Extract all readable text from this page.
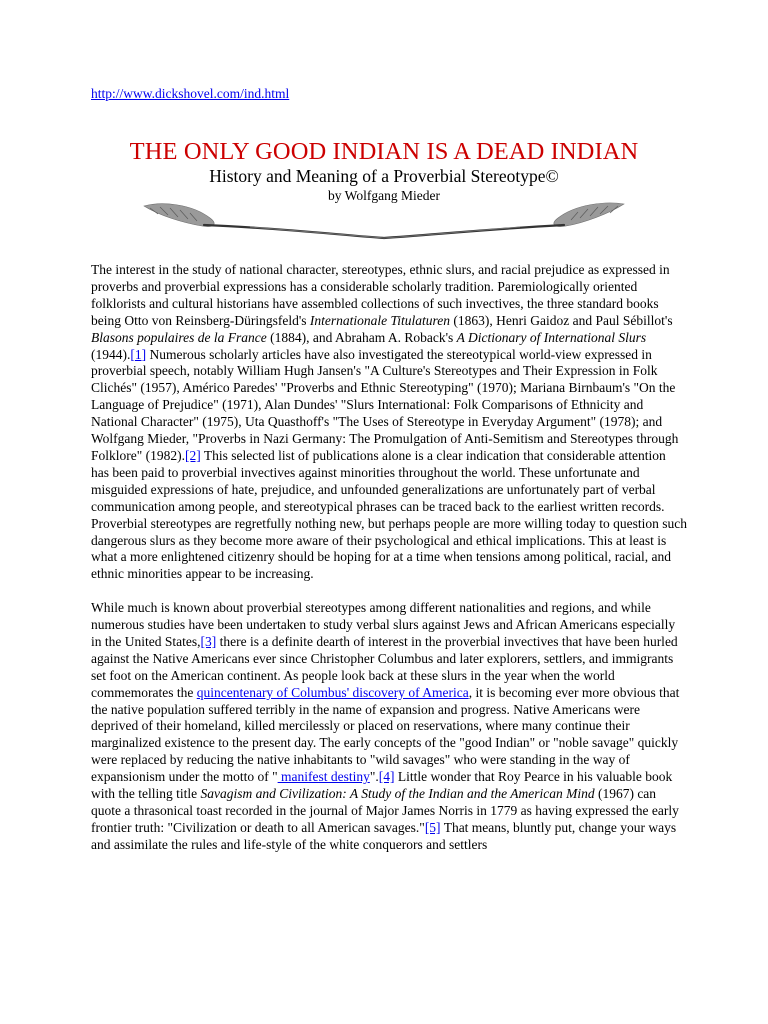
http://www.dickshovel.com/ind.html
THE ONLY GOOD INDIAN IS A DEAD INDIAN
History and Meaning of a Proverbial Stereotype©
by Wolfgang Mieder

The interest in the study of national character, stereotypes, ethnic slurs, and racial prejudice as expressed in proverbs and proverbial expressions has a considerable scholarly tradition. Paremiologically oriented folklorists and cultural historians have assembled collections of such invectives, the three standard books being Otto von Reinsberg-Düringsfeld's Internationale Titulaturen (1863), Henri Gaidoz and Paul Sébillot's Blasons populaires de la France (1884), and Abraham A. Roback's A Dictionary of International Slurs (1944).[1] Numerous scholarly articles have also investigated the stereotypical world-view expressed in proverbial speech, notably William Hugh Jansen's "A Culture's Stereotypes and Their Expression in Folk Clichés" (1957), Américo Paredes' "Proverbs and Ethnic Stereotyping" (1970); Mariana Birnbaum's "On the Language of Prejudice" (1971), Alan Dundes' "Slurs International: Folk Comparisons of Ethnicity and National Character" (1975), Uta Quasthoff's "The Uses of Stereotype in Everyday Argument" (1978); and Wolfgang Mieder, "Proverbs in Nazi Germany: The Promulgation of Anti-Semitism and Stereotypes through Folklore" (1982).[2] This selected list of publications alone is a clear indication that considerable attention has been paid to proverbial invectives against minorities throughout the world. These unfortunate and misguided expressions of hate, prejudice, and unfounded generalizations are unfortunately part of verbal communication among people, and stereotypical phrases can be traced back to the earliest written records. Proverbial stereotypes are regretfully nothing new, but perhaps people are more willing today to question such dangerous slurs as they become more aware of their psychological and ethical implications. This at least is what a more enlightened citizenry should be hoping for at a time when tensions among political, racial, and ethnic minorities appear to be increasing.

While much is known about proverbial stereotypes among different nationalities and regions, and while numerous studies have been undertaken to study verbal slurs against Jews and African Americans especially in the United States,[3] there is a definite dearth of interest in the proverbial invectives that have been hurled against the Native Americans ever since Christopher Columbus and later explorers, settlers, and immigrants set foot on the American continent. As people look back at these slurs in the year when the world commemorates the quincentenary of Columbus' discovery of America, it is becoming ever more obvious that the native population suffered terribly in the name of expansion and progress. Native Americans were deprived of their homeland, killed mercilessly or placed on reservations, where many continue their marginalized existence to the present day. The early concepts of the "good Indian" or "noble savage" quickly were replaced by reducing the native inhabitants to "wild savages" who were standing in the way of expansionism under the motto of " manifest destiny".[4] Little wonder that Roy Pearce in his valuable book with the telling title Savagism and Civilization: A Study of the Indian and the American Mind (1967) can quote a thrasonical toast recorded in the journal of Major James Norris in 1779 as having expressed the early frontier truth: "Civilization or death to all American savages."[5] That means, bluntly put, change your ways and assimilate the rules and life-style of the white conquerors and settlers
